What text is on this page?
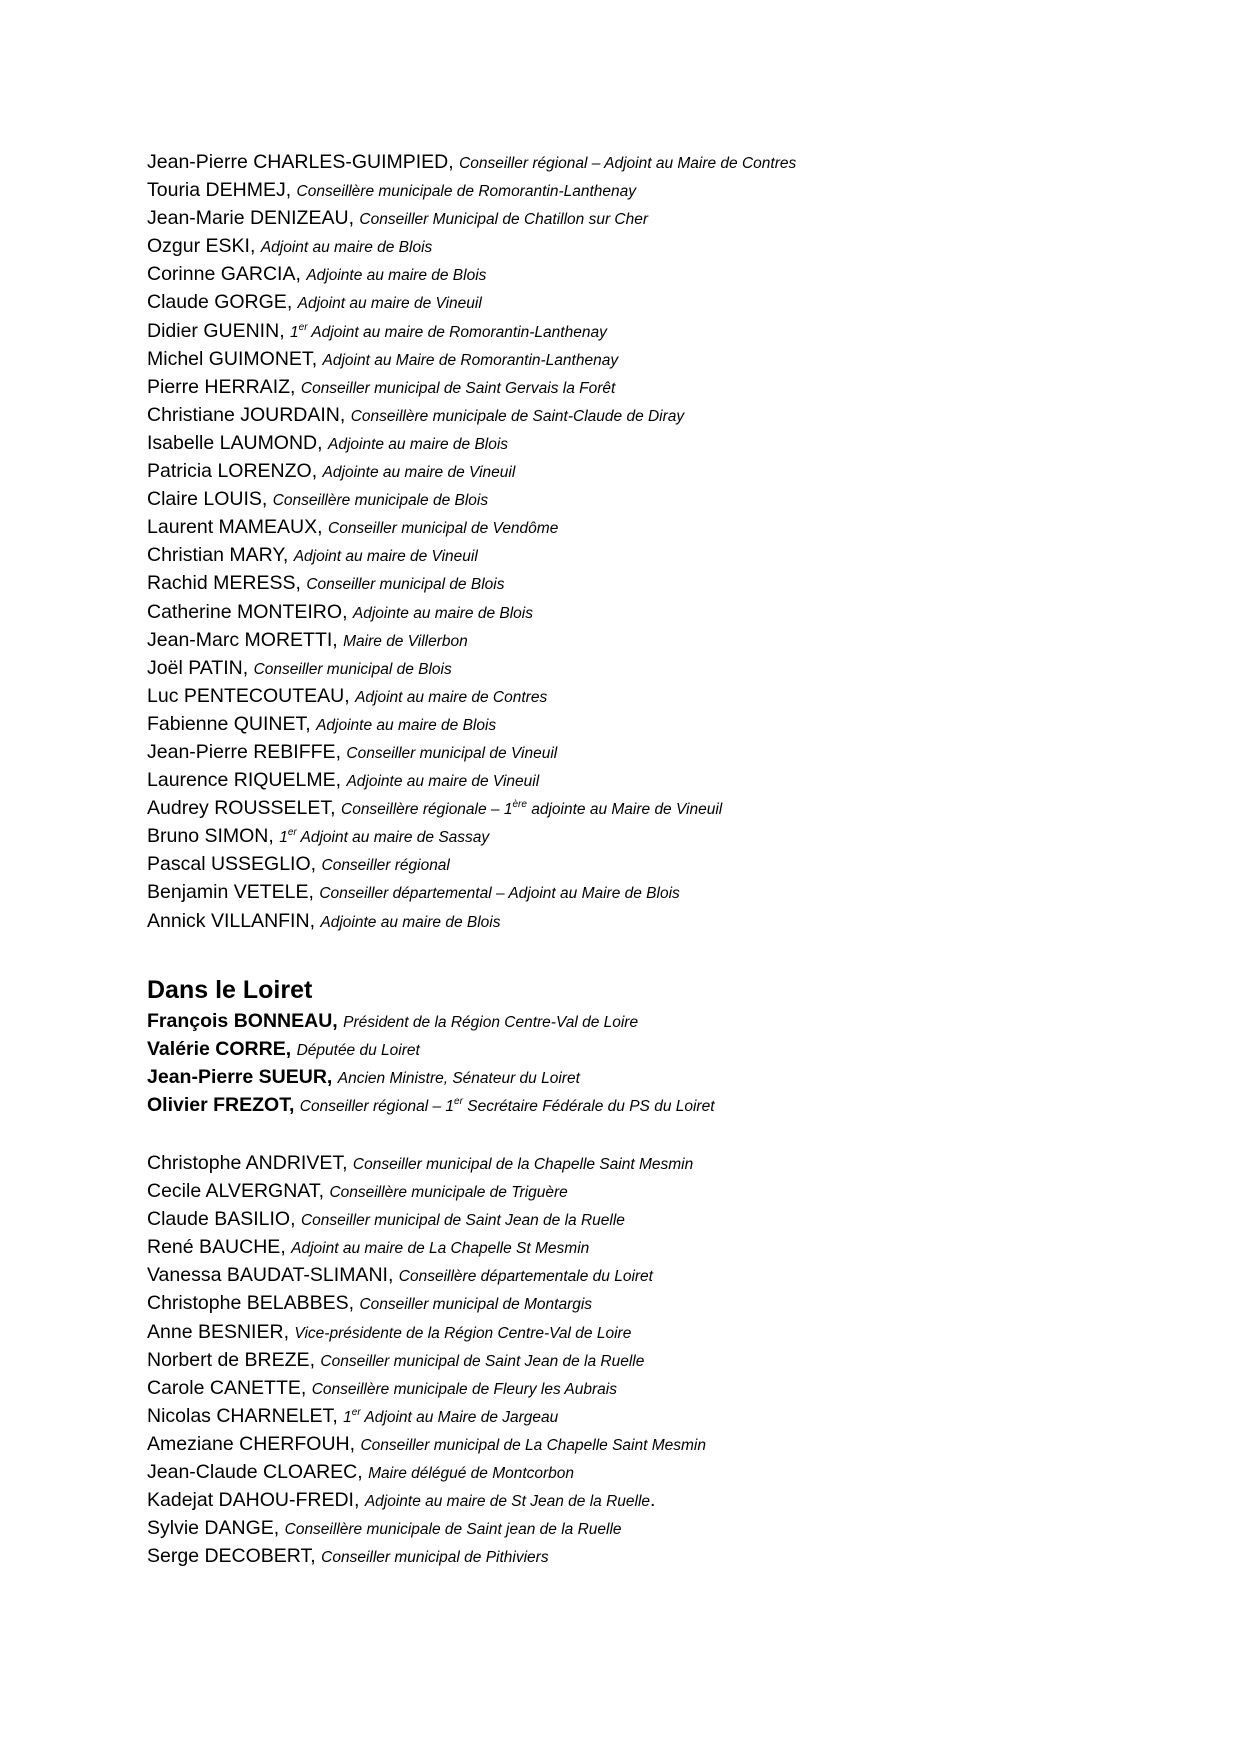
Jean-Pierre CHARLES-GUIMPIED, Conseiller régional – Adjoint au Maire de Contres
Touria DEHMEJ, Conseillère municipale de Romorantin-Lanthenay
Jean-Marie DENIZEAU, Conseiller Municipal de Chatillon sur Cher
Ozgur ESKI, Adjoint au maire de Blois
Corinne GARCIA, Adjointe au maire de Blois
Claude GORGE, Adjoint au maire de Vineuil
Didier GUENIN, 1er Adjoint au maire de Romorantin-Lanthenay
Michel GUIMONET, Adjoint au Maire de Romorantin-Lanthenay
Pierre HERRAIZ, Conseiller municipal de Saint Gervais la Forêt
Christiane JOURDAIN, Conseillère municipale de Saint-Claude de Diray
Isabelle LAUMOND, Adjointe au maire de Blois
Patricia LORENZO, Adjointe au maire de Vineuil
Claire LOUIS, Conseillère municipale de Blois
Laurent MAMEAUX, Conseiller municipal de Vendôme
Christian MARY, Adjoint au maire de Vineuil
Rachid MERESS, Conseiller municipal de Blois
Catherine MONTEIRO, Adjointe au maire de Blois
Jean-Marc MORETTI, Maire de Villerbon
Joël PATIN, Conseiller municipal de Blois
Luc PENTECOUTEAU, Adjoint au maire de Contres
Fabienne QUINET, Adjointe au maire de Blois
Jean-Pierre REBIFFE, Conseiller municipal de Vineuil
Laurence RIQUELME, Adjointe au maire de Vineuil
Audrey ROUSSELET, Conseillère régionale – 1ère adjointe au Maire de Vineuil
Bruno SIMON, 1er Adjoint au maire de Sassay
Pascal USSEGLIO, Conseiller régional
Benjamin VETELE, Conseiller départemental – Adjoint au Maire de Blois
Annick VILLANFIN, Adjointe au maire de Blois
Dans le Loiret
François BONNEAU, Président de la Région Centre-Val de Loire
Valérie CORRE, Députée du Loiret
Jean-Pierre SUEUR, Ancien Ministre, Sénateur du Loiret
Olivier FREZOT, Conseiller régional – 1er Secrétaire Fédérale du PS du Loiret
Christophe ANDRIVET, Conseiller municipal de la Chapelle Saint Mesmin
Cecile ALVERGNAT, Conseillère municipale de Triguère
Claude BASILIO, Conseiller municipal de Saint Jean de la Ruelle
René BAUCHE, Adjoint au maire de La Chapelle St Mesmin
Vanessa BAUDAT-SLIMANI, Conseillère départementale du Loiret
Christophe BELABBES, Conseiller municipal de Montargis
Anne BESNIER, Vice-présidente de la Région Centre-Val de Loire
Norbert de BREZE, Conseiller municipal de Saint Jean de la Ruelle
Carole CANETTE, Conseillère municipale de Fleury les Aubrais
Nicolas CHARNELET, 1er Adjoint au Maire de Jargeau
Ameziane CHERFOUH, Conseiller municipal de La Chapelle Saint Mesmin
Jean-Claude CLOAREC, Maire délégué de Montcorbon
Kadejat DAHOU-FREDI, Adjointe au maire de St Jean de la Ruelle.
Sylvie DANGE, Conseillère municipale de Saint jean de la Ruelle
Serge DECOBERT, Conseiller municipal de Pithiviers
